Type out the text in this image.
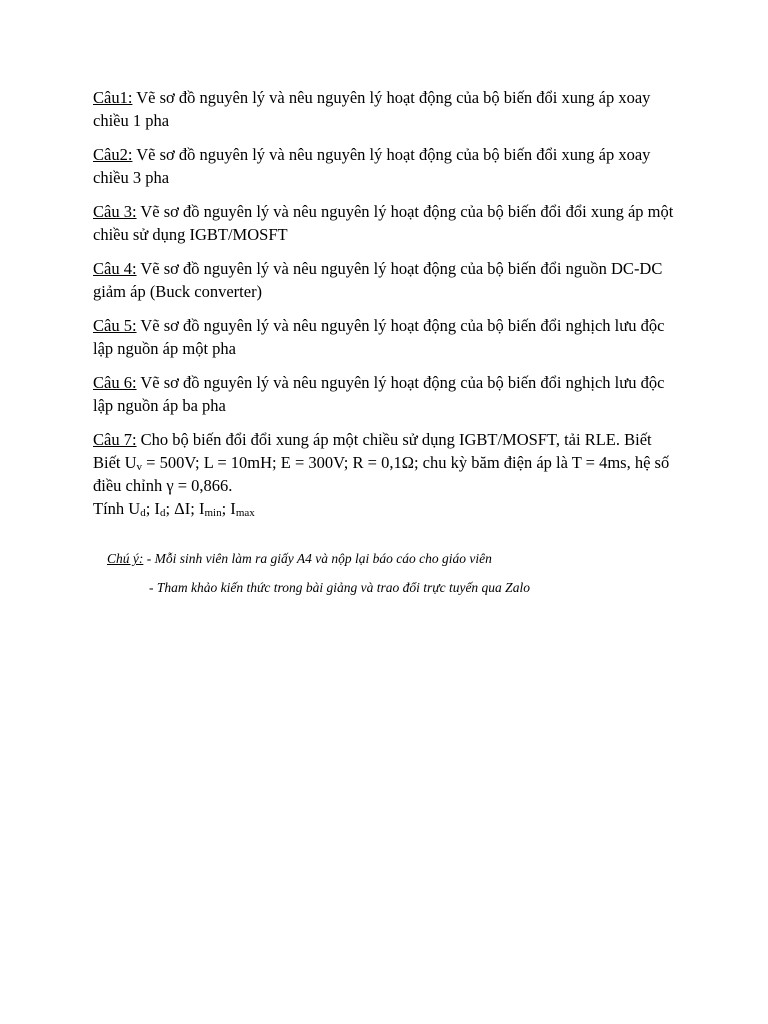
Câu1: Vẽ sơ đồ nguyên lý và nêu nguyên lý hoạt động của bộ biến đổi xung áp xoay chiều 1 pha

Câu2: Vẽ sơ đồ nguyên lý và nêu nguyên lý hoạt động của bộ biến đổi xung áp xoay chiều 3 pha

Câu 3: Vẽ sơ đồ nguyên lý và nêu nguyên lý hoạt động của bộ biến đổi đổi xung áp một chiều sử dụng IGBT/MOSFT

Câu 4: Vẽ sơ đồ nguyên lý và nêu nguyên lý hoạt động của bộ biến đổi nguồn DC-DC giảm áp (Buck converter)

Câu 5: Vẽ sơ đồ nguyên lý và nêu nguyên lý hoạt động của bộ biến đổi nghịch lưu độc lập nguồn áp một pha

Câu 6: Vẽ sơ đồ nguyên lý và nêu nguyên lý hoạt động của bộ biến đổi nghịch lưu độc lập nguồn áp ba pha

Câu 7: Cho bộ biến đổi đổi xung áp một chiều sử dụng IGBT/MOSFT, tải RLE. Biết Biết Uv = 500V; L = 10mH; E = 300V; R = 0,1Ω; chu kỳ băm điện áp là T = 4ms, hệ số điều chỉnh γ = 0,866.
Tính Ud; Id; ΔI; Imin; Imax

Chú ý: - Mỗi sinh viên làm ra giấy A4 và nộp lại báo cáo cho giáo viên
- Tham khảo kiến thức trong bài giảng và trao đổi trực tuyến qua Zalo
